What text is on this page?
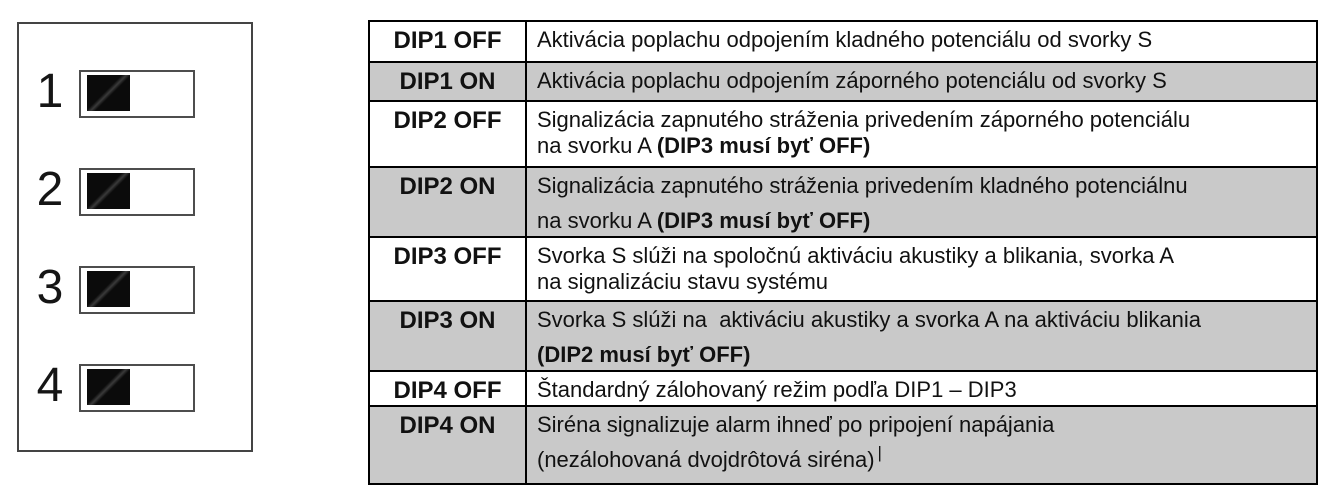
1
2
3
4
DIP1 OFF	Aktivácia poplachu odpojením kladného potenciálu od svorky S

DIP1 ON	Aktivácia poplachu odpojením záporného potenciálu od svorky S

DIP2 OFF	Signalizácia zapnutého stráženia privedením záporného potenciálu
na svorku A (DIP3 musí byť OFF)

DIP2 ON	Signalizácia zapnutého stráženia privedením kladného potenciálnu
na svorku A (DIP3 musí byť OFF)

DIP3 OFF	Svorka S slúži na spoločnú aktiváciu akustiky a blikania, svorka A
na signalizáciu stavu systému

DIP3 ON	Svorka S slúži na  aktiváciu akustiky a svorka A na aktiváciu blikania
(DIP2 musí byť OFF)

DIP4 OFF	Štandardný zálohovaný režim podľa DIP1 – DIP3

DIP4 ON	Siréna signalizuje alarm ihneď po pripojení napájania
(nezálohovaná dvojdrôtová siréna) |
